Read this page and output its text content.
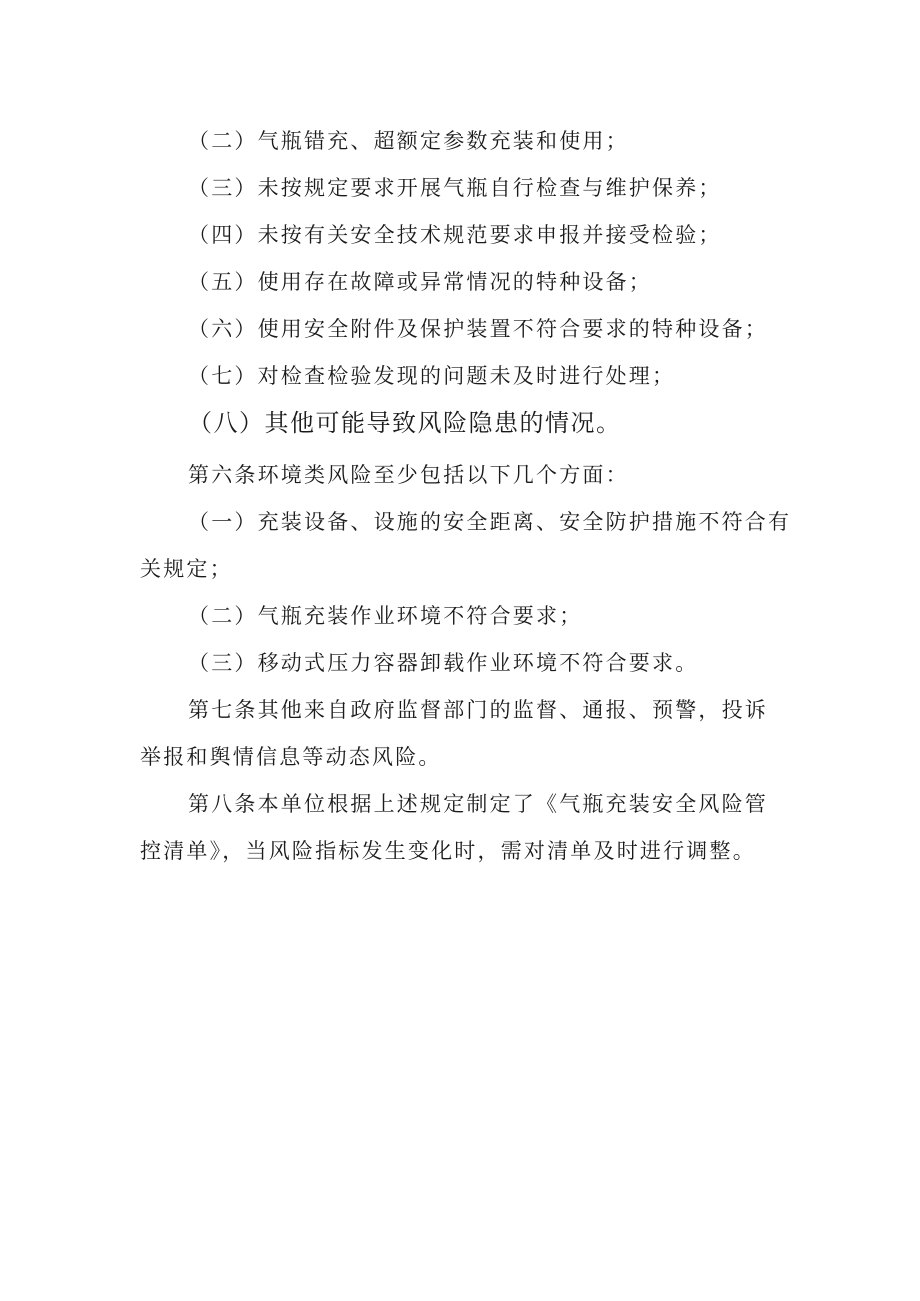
（二）气瓶错充、超额定参数充装和使用；
（三）未按规定要求开展气瓶自行检查与维护保养；
（四）未按有关安全技术规范要求申报并接受检验；
（五）使用存在故障或异常情况的特种设备；
（六）使用安全附件及保护装置不符合要求的特种设备；
（七）对检查检验发现的问题未及时进行处理；
（八）其他可能导致风险隐患的情况。
第六条环境类风险至少包括以下几个方面：
（一）充装设备、设施的安全距离、安全防护措施不符合有
关规定；
（二）气瓶充装作业环境不符合要求；
（三）移动式压力容器卸载作业环境不符合要求。
第七条其他来自政府监督部门的监督、通报、预警，投诉
举报和舆情信息等动态风险。
第八条本单位根据上述规定制定了《气瓶充装安全风险管
控清单》，当风险指标发生变化时，需对清单及时进行调整。
